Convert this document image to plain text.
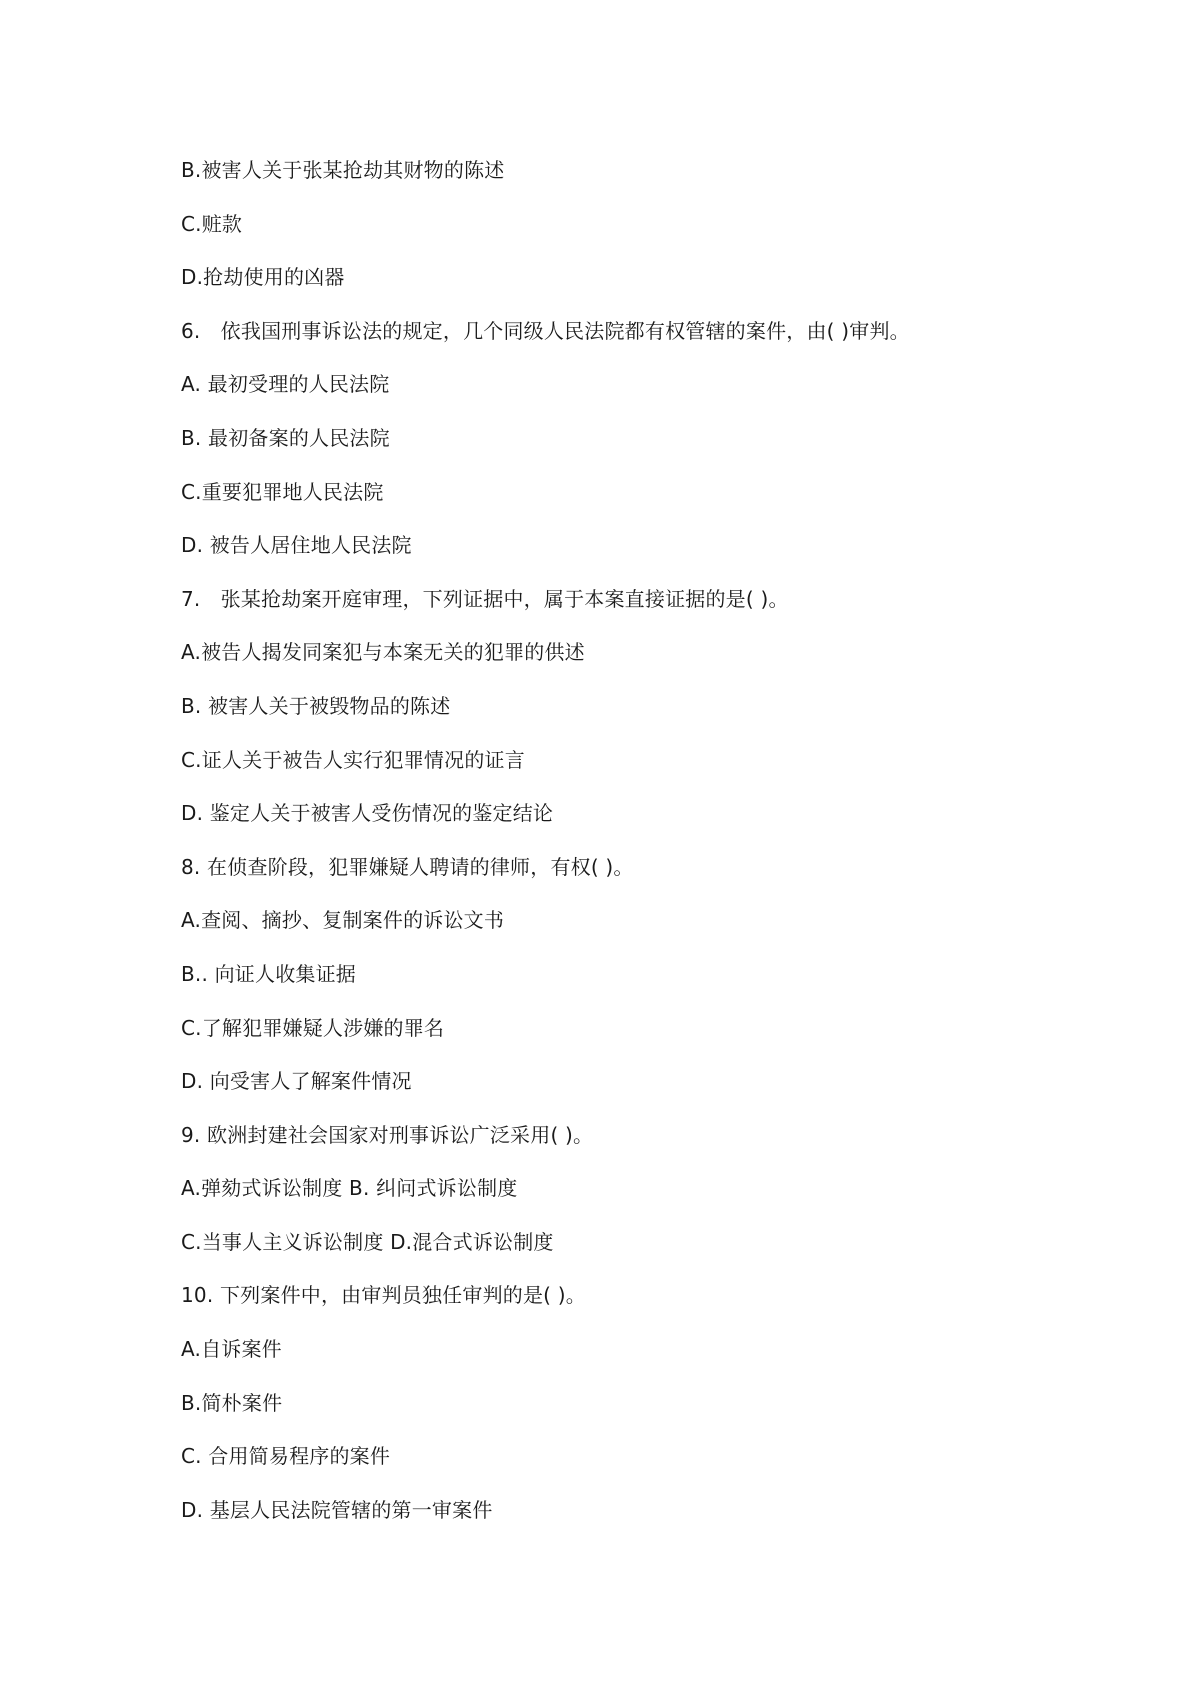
B.被害人关于张某抢劫其财物的陈述
C.赃款
D.抢劫使用的凶器
6.　依我国刑事诉讼法的规定，几个同级人民法院都有权管辖的案件，由( )审判。
A. 最初受理的人民法院
B. 最初备案的人民法院
C.重要犯罪地人民法院
D. 被告人居住地人民法院
7.　张某抢劫案开庭审理，下列证据中，属于本案直接证据的是( )。
A.被告人揭发同案犯与本案无关的犯罪的供述
B. 被害人关于被毁物品的陈述
C.证人关于被告人实行犯罪情况的证言
D. 鉴定人关于被害人受伤情况的鉴定结论
8. 在侦查阶段，犯罪嫌疑人聘请的律师，有权( )。
A.查阅、摘抄、复制案件的诉讼文书
B.. 向证人收集证据
C.了解犯罪嫌疑人涉嫌的罪名
D. 向受害人了解案件情况
9. 欧洲封建社会国家对刑事诉讼广泛采用( )。
A.弹劾式诉讼制度 B. 纠问式诉讼制度
C.当事人主义诉讼制度 D.混合式诉讼制度
10. 下列案件中，由审判员独任审判的是( )。
A.自诉案件
B.简朴案件
C. 合用简易程序的案件
D. 基层人民法院管辖的第一审案件
